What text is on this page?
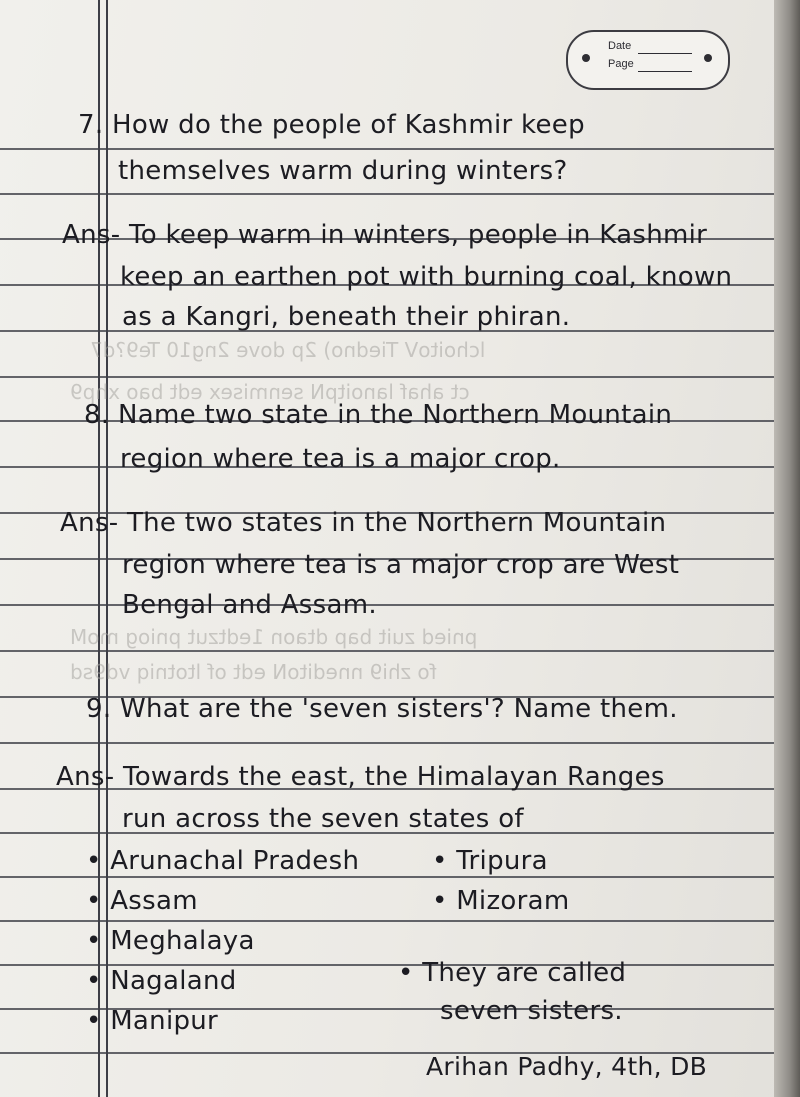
lchoitoV Tiedno) 2p dove 2ng10 Te9?d7
ct ahaf lanoitpN senmisex edt bao xhp9
pnied zuit bap dtaon 1edtzut pniog moM
fo zhi9 nneditoN edt of ltotniq vd9sd
Date
Page
7. How do the people of Kashmir keep
themselves warm during winters?
Ans- To keep warm in winters, people in Kashmir
keep an earthen pot with burning coal, known
as a Kangri, beneath their phiran.
8. Name two state in the Northern Mountain
region where tea is a major crop.
Ans- The two states in the Northern Mountain
region where tea is a major crop are West
Bengal and Assam.
9. What are the 'seven sisters'? Name them.
Ans- Towards the east, the Himalayan Ranges
run across the seven states of
• Arunachal Pradesh
• Assam
• Meghalaya
• Nagaland
• Manipur
• Tripura
• Mizoram
• They are called
seven sisters.
Arihan Padhy, 4th, DB
